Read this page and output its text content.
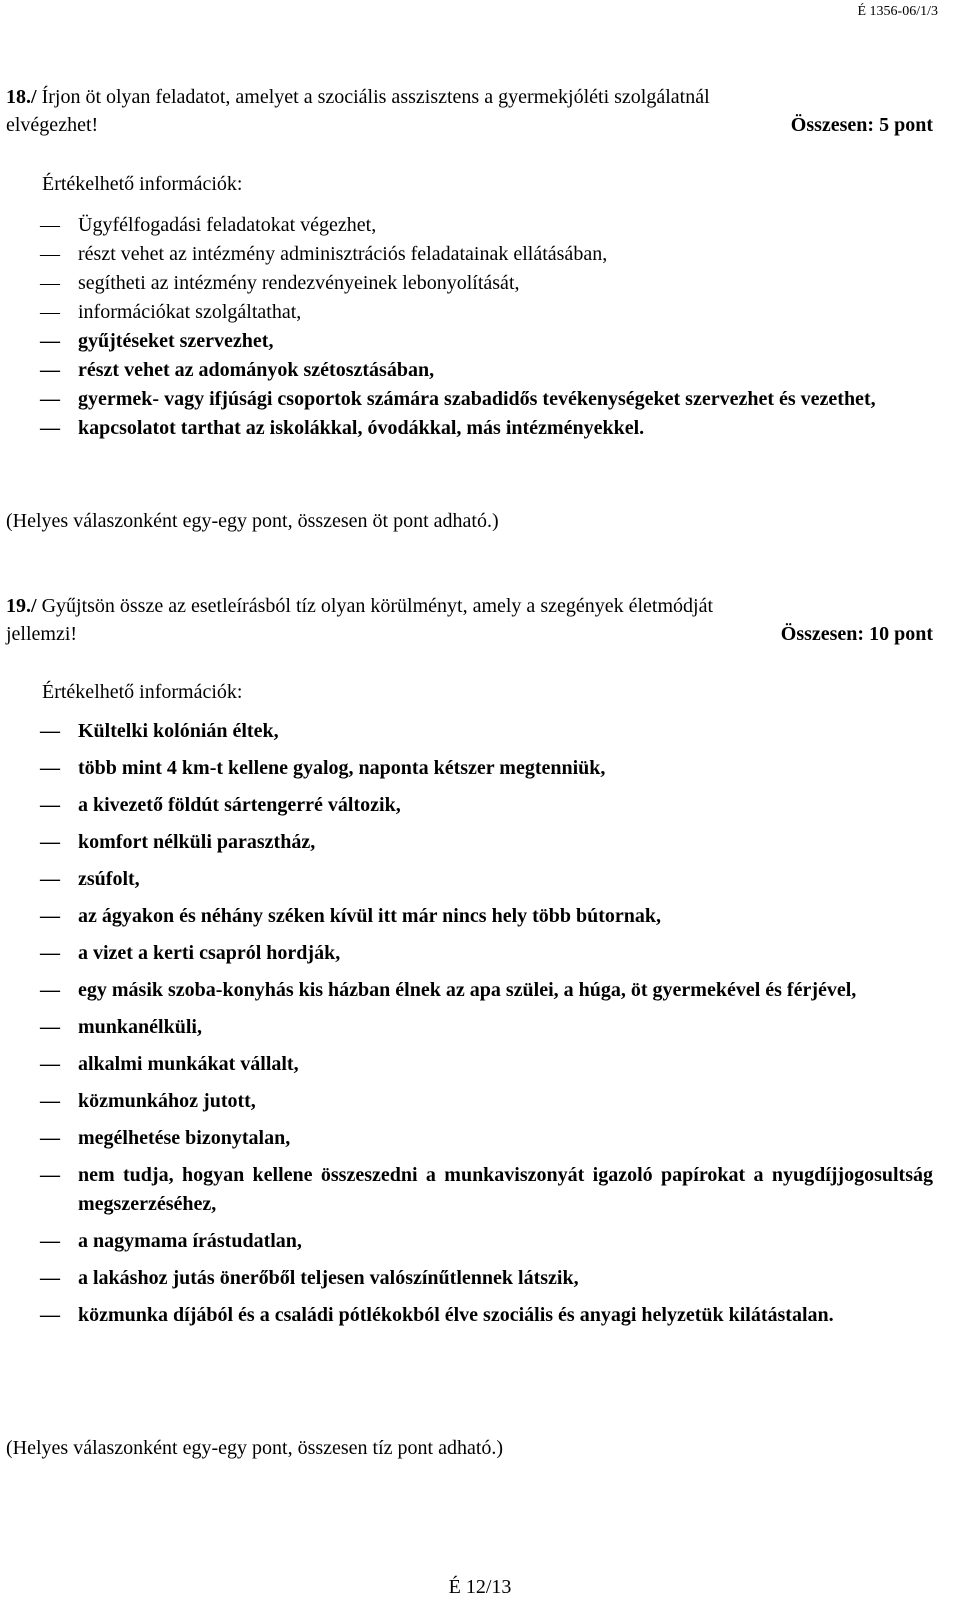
É 1356-06/1/3
18./ Írjon öt olyan feladatot, amelyet a szociális asszisztens a gyermekjóléti szolgálatnál
elvégezhet!	Összesen: 5 pont
Értékelhető információk:
— Ügyfélfogadási feladatokat végezhet,
— részt vehet az intézmény adminisztrációs feladatainak ellátásában,
— segítheti az intézmény rendezvényeinek lebonyolítását,
— információkat szolgáltathat,
— gyűjtéseket szervezhet,
— részt vehet az adományok szétosztásában,
— gyermek- vagy ifjúsági csoportok számára szabadidős tevékenységeket szervezhet és vezethet,
— kapcsolatot tarthat az iskolákkal, óvodákkal, más intézményekkel.
(Helyes válaszonként egy-egy pont, összesen öt pont adható.)
19./ Gyűjtsön össze az esetleírásból tíz olyan körülményt, amely a szegények életmódját
jellemzi!	Összesen: 10 pont
Értékelhető információk:
— Kültelki kolónián éltek,
— több mint 4 km-t kellene gyalog, naponta kétszer megtenniük,
— a kivezető földút sártengerré változik,
— komfort nélküli parasztház,
— zsúfolt,
— az ágyakon és néhány széken kívül itt már nincs hely több bútornak,
— a vizet a kerti csapról hordják,
— egy másik szoba-konyhás kis házban élnek az apa szülei, a húga, öt gyermekével és férjével,
— munkanélküli,
— alkalmi munkákat vállalt,
— közmunkához jutott,
— megélhetése bizonytalan,
— nem tudja, hogyan kellene összeszedni a munkaviszonyát igazoló papírokat a nyugdíjjogosultság megszerzéséhez,
— a nagymama írástudatlan,
— a lakáshoz jutás önerőből teljesen valószínűtlennek látszik,
— közmunka díjából és a családi pótlékokból élve szociális és anyagi helyzetük kilátástalan.
(Helyes válaszonként egy-egy pont, összesen tíz pont adható.)
É 12/13
